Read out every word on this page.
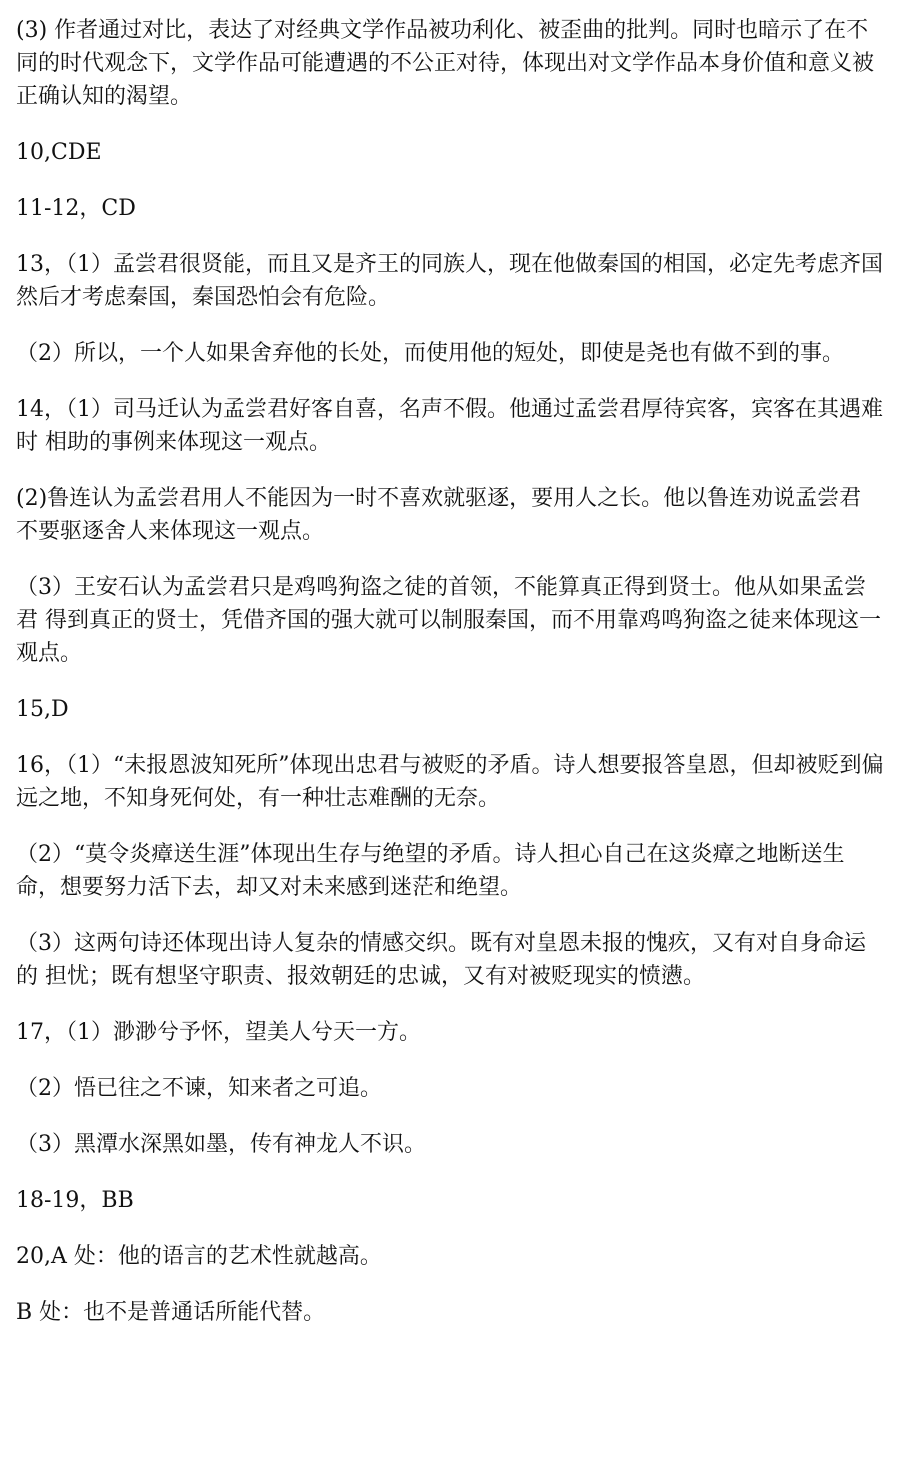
(3) 作者通过对比，表达了对经典文学作品被功利化、被歪曲的批判。同时也暗示了在不 同的时代观念下，文学作品可能遭遇的不公正对待，体现出对文学作品本身价值和意义被正确认知的渴望。

10,CDE

11-12，CD

13，（1）孟尝君很贤能，而且又是齐王的同族人，现在他做秦国的相国，必定先考虑齐国然后才考虑秦国，秦国恐怕会有危险。

（2）所以，一个人如果舍弃他的长处，而使用他的短处，即使是尧也有做不到的事。

14，（1）司马迁认为孟尝君好客自喜，名声不假。他通过孟尝君厚待宾客，宾客在其遇难时 相助的事例来体现这一观点。

(2)鲁连认为孟尝君用人不能因为一时不喜欢就驱逐，要用人之长。他以鲁连劝说孟尝君 不要驱逐舍人来体现这一观点。

（3）王安石认为孟尝君只是鸡鸣狗盗之徒的首领，不能算真正得到贤士。他从如果孟尝君 得到真正的贤士，凭借齐国的强大就可以制服秦国，而不用靠鸡鸣狗盗之徒来体现这一观点。

15,D

16，（1）“未报恩波知死所”体现出忠君与被贬的矛盾。诗人想要报答皇恩，但却被贬到偏远之地，不知身死何处，有一种壮志难酬的无奈。

（2）“莫令炎瘴送生涯”体现出生存与绝望的矛盾。诗人担心自己在这炎瘴之地断送生命，想要努力活下去，却又对未来感到迷茫和绝望。

（3）这两句诗还体现出诗人复杂的情感交织。既有对皇恩未报的愧疚，又有对自身命运的 担忧；既有想坚守职责、报效朝廷的忠诚，又有对被贬现实的愤懑。

17，（1）渺渺兮予怀，望美人兮天一方。

（2）悟已往之不谏，知来者之可追。

（3）黑潭水深黑如墨，传有神龙人不识。

18-19，BB

20,A 处：他的语言的艺术性就越高。

B 处：也不是普通话所能代替。
